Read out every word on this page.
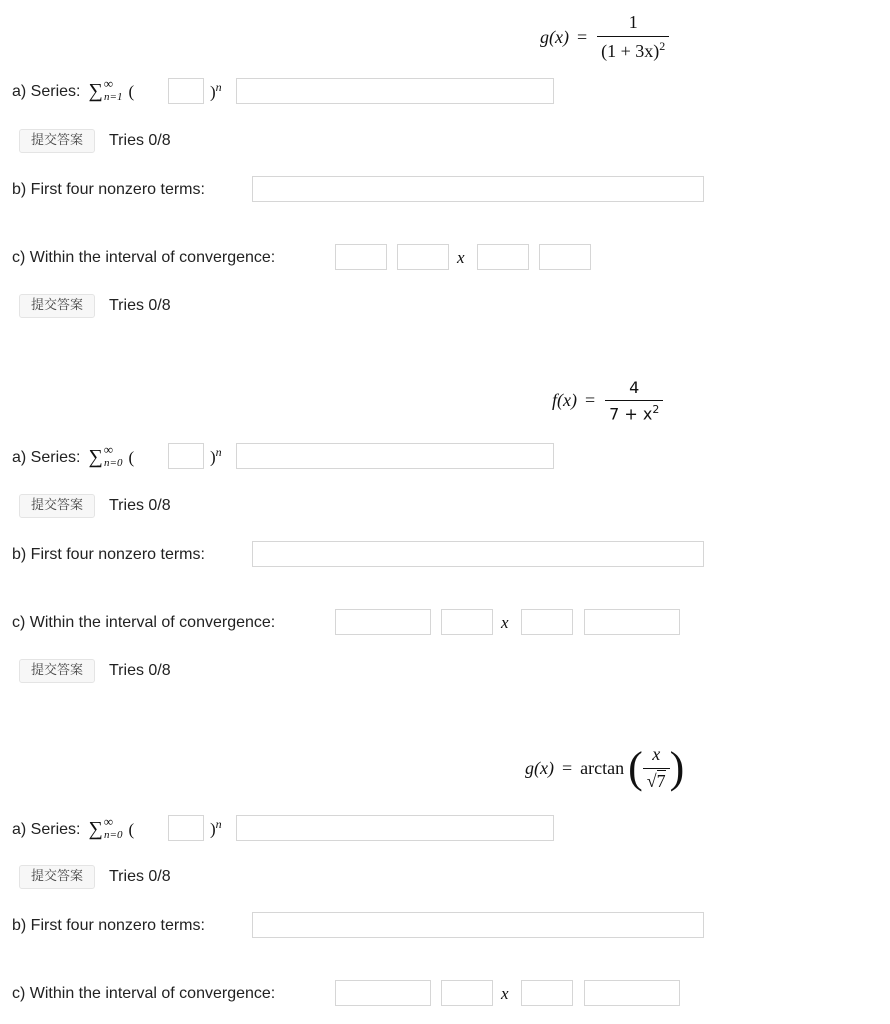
$g(x) = \frac{1}{(1 + 3x)^2}$
a) Series: ∑ ∞
n=1 (	)$^n$
提交答案	Tries 0/8
b) First four nonzero terms:
c) Within the interval of convergence:	x
提交答案	Tries 0/8
$f(x) = \frac{4}{7 + x^2}$
a) Series: ∑ ∞
n=0 (	)$^n$
提交答案	Tries 0/8
b) First four nonzero terms:
c) Within the interval of convergence:	x
提交答案	Tries 0/8
g(x) = arctan ( $\frac{x}{√7}$ )
a) Series: ∑ ∞
n=0 (	)$^n$
提交答案	Tries 0/8
b) First four nonzero terms:
c) Within the interval of convergence:	x
